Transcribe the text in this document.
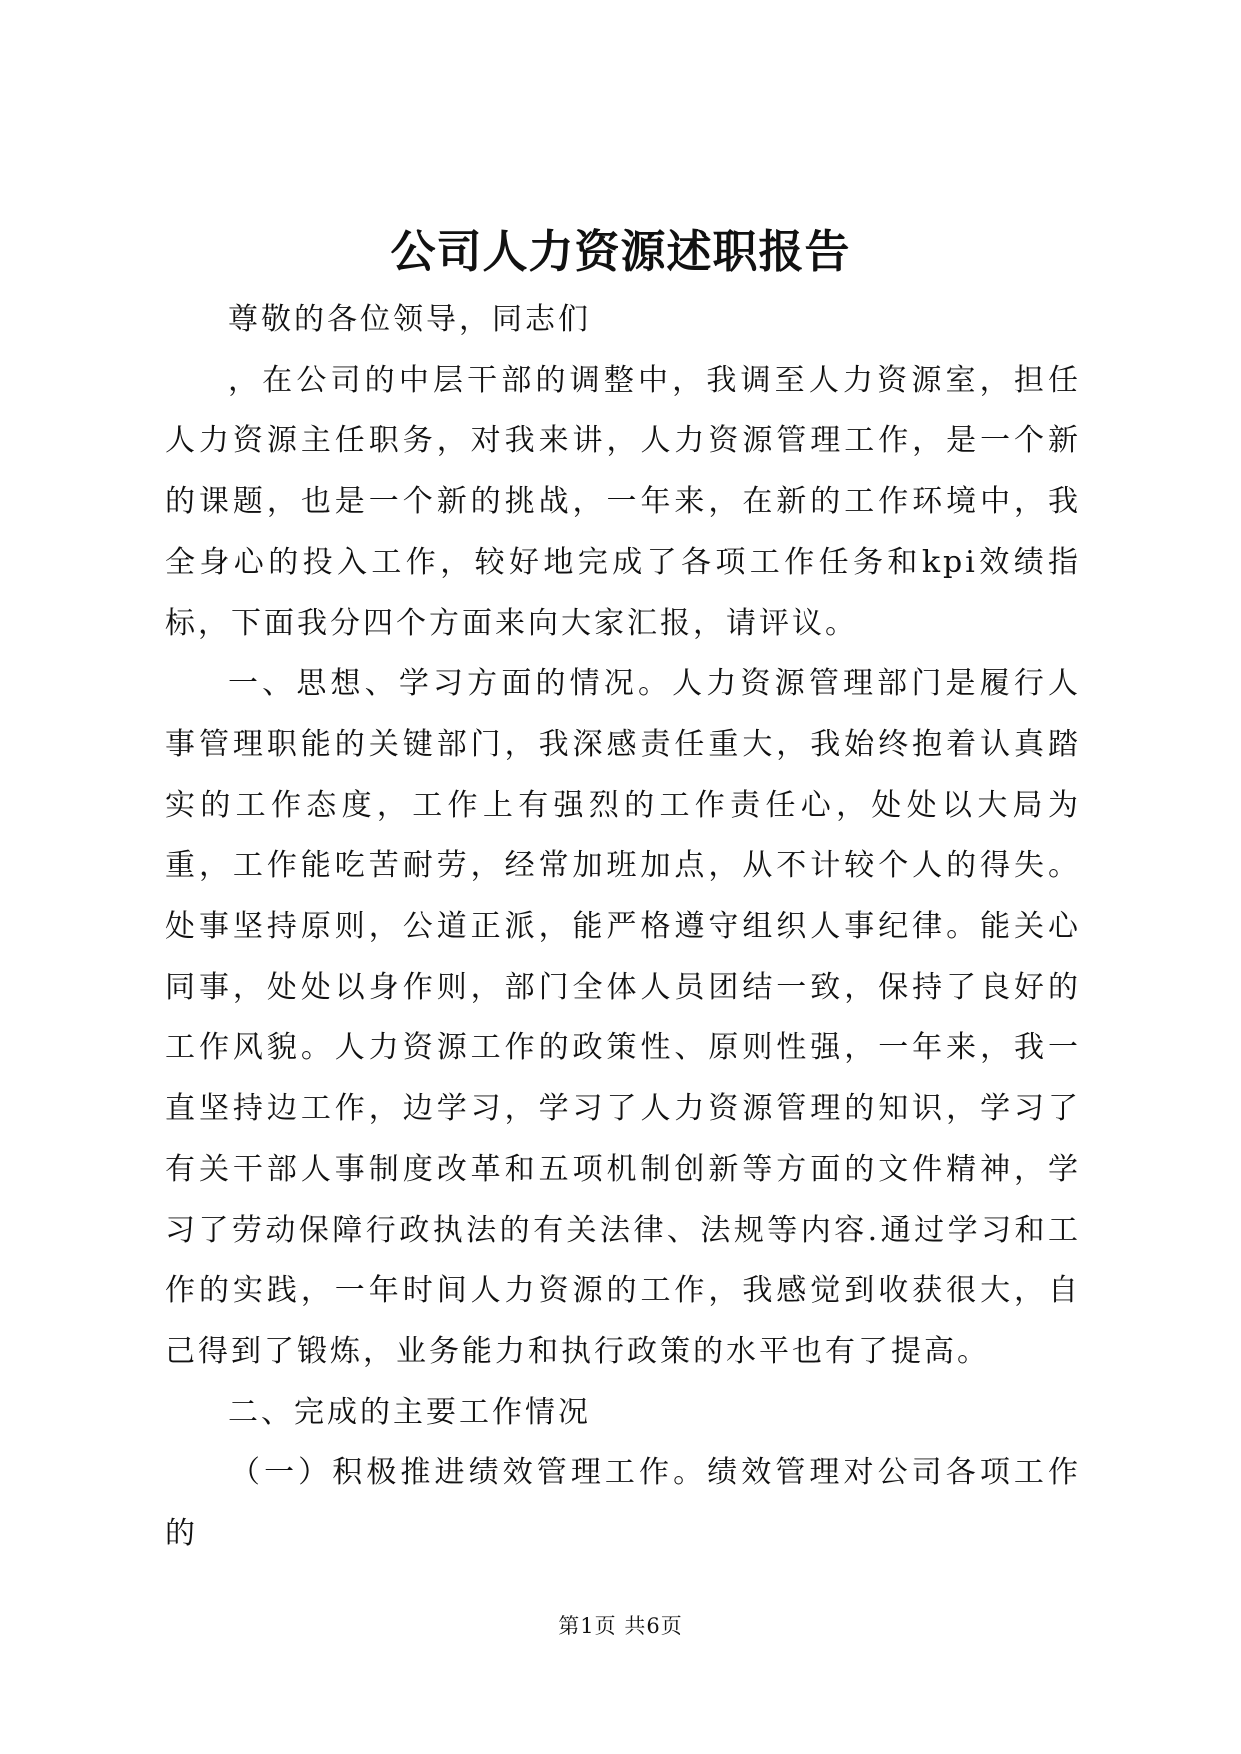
公司人力资源述职报告

尊敬的各位领导，同志们

，在公司的中层干部的调整中，我调至人力资源室，担任人力资源主任职务，对我来讲，人力资源管理工作，是一个新的课题，也是一个新的挑战，一年来，在新的工作环境中，我全身心的投入工作，较好地完成了各项工作任务和kpi效绩指标，下面我分四个方面来向大家汇报，请评议。

一、思想、学习方面的情况。人力资源管理部门是履行人事管理职能的关键部门，我深感责任重大，我始终抱着认真踏实的工作态度，工作上有强烈的工作责任心，处处以大局为重，工作能吃苦耐劳，经常加班加点，从不计较个人的得失。处事坚持原则，公道正派，能严格遵守组织人事纪律。能关心同事，处处以身作则，部门全体人员团结一致，保持了良好的工作风貌。人力资源工作的政策性、原则性强，一年来，我一直坚持边工作，边学习，学习了人力资源管理的知识，学习了有关干部人事制度改革和五项机制创新等方面的文件精神，学习了劳动保障行政执法的有关法律、法规等内容.通过学习和工作的实践，一年时间人力资源的工作，我感觉到收获很大，自己得到了锻炼，业务能力和执行政策的水平也有了提高。

二、完成的主要工作情况

（一）积极推进绩效管理工作。绩效管理对公司各项工作的

第1页 共6页
